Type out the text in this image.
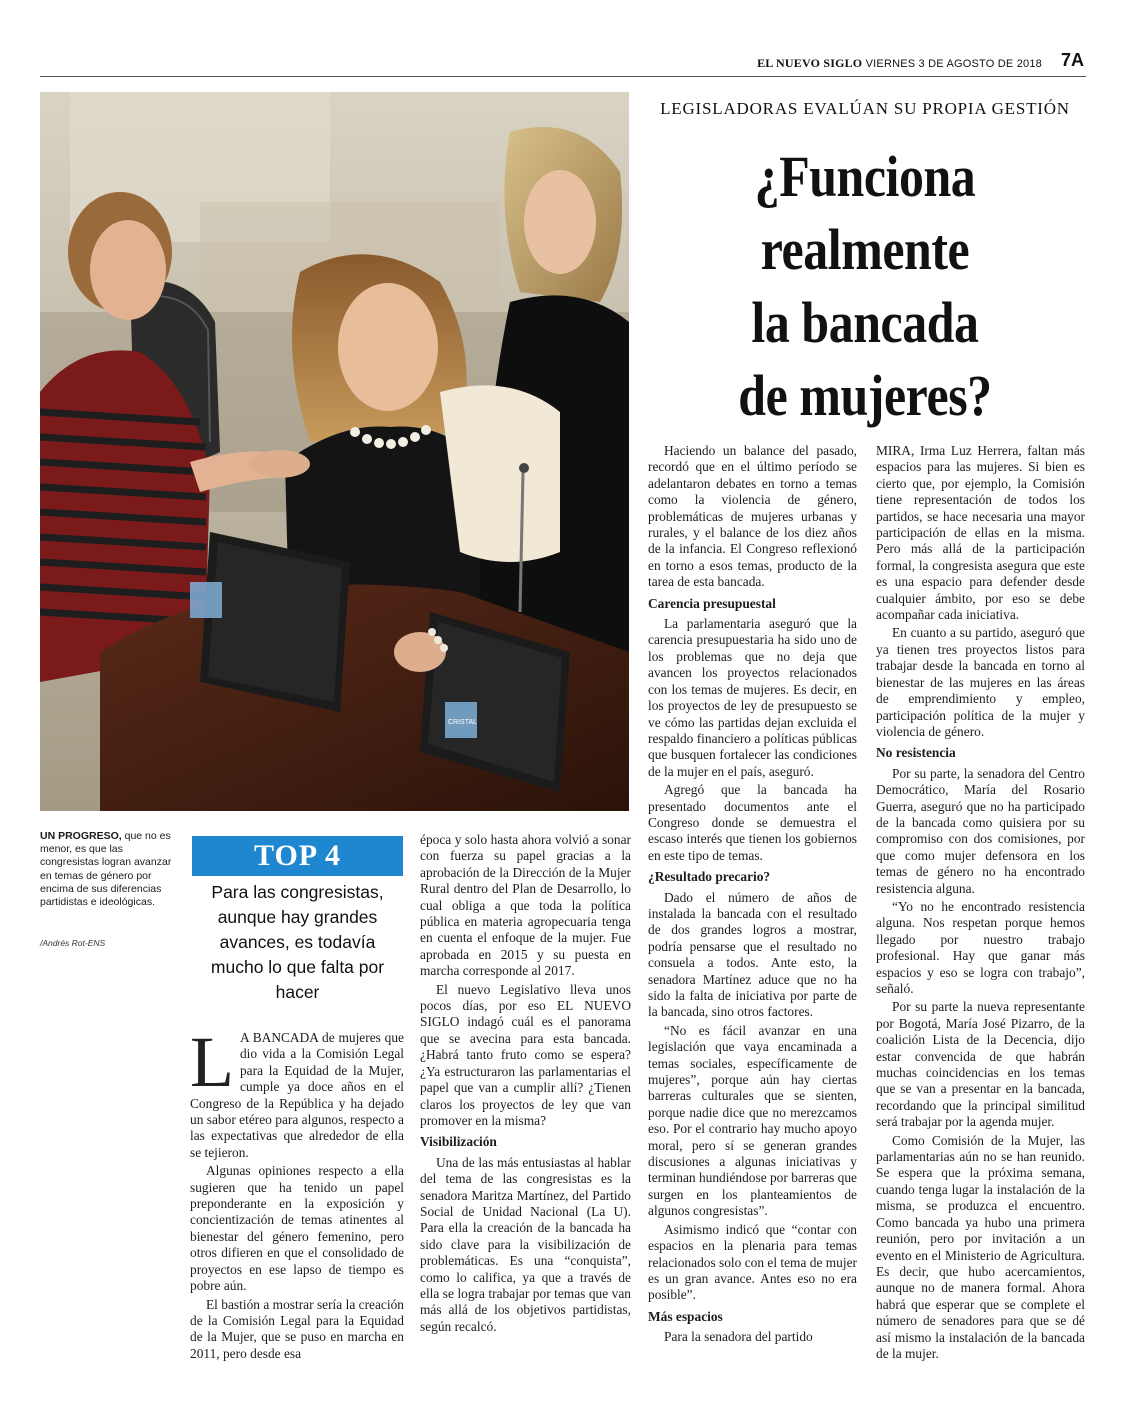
EL NUEVO SIGLO VIERNES 3 DE AGOSTO DE 2018 7A
CRISTAL
LEGISLADORAS EVALÚAN SU PROPIA GESTIÓN
¿Funciona
realmente
la bancada
de mujeres?
UN PROGRESO, que no es menor, es que las congresistas logran avanzar en temas de género por encima de sus diferencias partidistas e ideológicas.
/Andrés Rot-ENS
TOP 4
Para las congresistas, aunque hay grandes avances, es todavía mucho lo que falta por hacer
L A BANCADA de mujeres que dio vida a la Comisión Legal para la Equidad de la Mujer, cumple ya doce años en el Congreso de la República y ha dejado un sabor etéreo para algunos, respecto a las expectativas que alrededor de ella se tejieron.

Algunas opiniones respecto a ella sugieren que ha tenido un papel preponderante en la exposición y concientización de temas atinentes al bienestar del género femenino, pero otros difieren en que el consolidado de proyectos en ese lapso de tiempo es pobre aún.

El bastión a mostrar sería la creación de la Comisión Legal para la Equidad de la Mujer, que se puso en marcha en 2011, pero desde esa

época y solo hasta ahora volvió a sonar con fuerza su papel gracias a la aprobación de la Dirección de la Mujer Rural dentro del Plan de Desarrollo, lo cual obliga a que toda la política pública en materia agropecuaria tenga en cuenta el enfoque de la mujer. Fue aprobada en 2015 y su puesta en marcha corresponde al 2017.

El nuevo Legislativo lleva unos pocos días, por eso EL NUEVO SIGLO indagó cuál es el panorama que se avecina para esta bancada. ¿Habrá tanto fruto como se espera? ¿Ya estructuraron las parlamentarias el papel que van a cumplir allí? ¿Tienen claros los proyectos de ley que van promover en la misma?

Visibilización

Una de las más entusiastas al hablar del tema de las congresistas es la senadora Maritza Martínez, del Partido Social de Unidad Nacional (La U). Para ella la creación de la bancada ha sido clave para la visibilización de problemáticas. Es una “conquista”, como lo califica, ya que a través de ella se logra trabajar por temas que van más allá de los objetivos partidistas, según recalcó.

Haciendo un balance del pasado, recordó que en el último período se adelantaron debates en torno a temas como la violencia de género, problemáticas de mujeres urbanas y rurales, y el balance de los diez años de la infancia. El Congreso reflexionó en torno a esos temas, producto de la tarea de esta bancada.

Carencia presupuestal

La parlamentaria aseguró que la carencia presupuestaria ha sido uno de los problemas que no deja que avancen los proyectos relacionados con los temas de mujeres. Es decir, en los proyectos de ley de presupuesto se ve cómo las partidas dejan excluida el respaldo financiero a políticas públicas que busquen fortalecer las condiciones de la mujer en el país, aseguró.

Agregó que la bancada ha presentado documentos ante el Congreso donde se demuestra el escaso interés que tienen los gobiernos en este tipo de temas.

¿Resultado precario?

Dado el número de años de instalada la bancada con el resultado de dos grandes logros a mostrar, podría pensarse que el resultado no consuela a todos. Ante esto, la senadora Martínez aduce que no ha sido la falta de iniciativa por parte de la bancada, sino otros factores.

“No es fácil avanzar en una legislación que vaya encaminada a temas sociales, específicamente de mujeres”, porque aún hay ciertas barreras culturales que se sienten, porque nadie dice que no merezcamos eso. Por el contrario hay mucho apoyo moral, pero sí se generan grandes discusiones a algunas iniciativas y terminan hundiéndose por barreras que surgen en los planteamientos de algunos congresistas”.

Asimismo indicó que “contar con espacios en la plenaria para temas relacionados solo con el tema de mujer es un gran avance. Antes eso no era posible”.

Más espacios

Para la senadora del partido

MIRA, Irma Luz Herrera, faltan más espacios para las mujeres. Si bien es cierto que, por ejemplo, la Comisión tiene representación de todos los partidos, se hace necesaria una mayor participación de ellas en la misma. Pero más allá de la participación formal, la congresista asegura que este es una espacio para defender desde cualquier ámbito, por eso se debe acompañar cada iniciativa.

En cuanto a su partido, aseguró que ya tienen tres proyectos listos para trabajar desde la bancada en torno al bienestar de las mujeres en las áreas de emprendimiento y empleo, participación política de la mujer y violencia de género.

No resistencia

Por su parte, la senadora del Centro Democrático, María del Rosario Guerra, aseguró que no ha participado de la bancada como quisiera por su compromiso con dos comisiones, por que como mujer defensora en los temas de género no ha encontrado resistencia alguna.

“Yo no he encontrado resistencia alguna. Nos respetan porque hemos llegado por nuestro trabajo profesional. Hay que ganar más espacios y eso se logra con trabajo”, señaló.

Por su parte la nueva representante por Bogotá, María José Pizarro, de la coalición Lista de la Decencia, dijo estar convencida de que habrán muchas coincidencias en los temas que se van a presentar en la bancada, recordando que la principal similitud será trabajar por la agenda mujer.

Como Comisión de la Mujer, las parlamentarias aún no se han reunido. Se espera que la próxima semana, cuando tenga lugar la instalación de la misma, se produzca el encuentro. Como bancada ya hubo una primera reunión, pero por invitación a un evento en el Ministerio de Agricultura. Es decir, que hubo acercamientos, aunque no de manera formal. Ahora habrá que esperar que se complete el número de senadores para que se dé así mismo la instalación de la bancada de la mujer.
